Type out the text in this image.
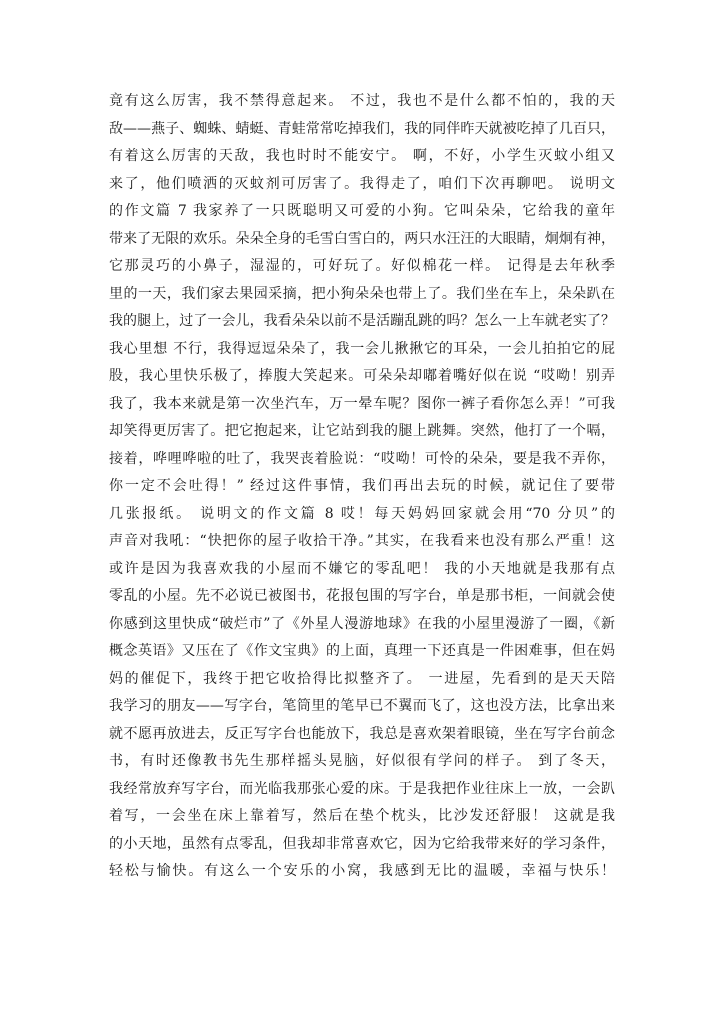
竟有这么厉害，我不禁得意起来。 不过，我也不是什么都不怕的，我的天
敌——燕子、蜘蛛、蜻蜓、青蛙常常吃掉我们，我的同伴昨天就被吃掉了几百只，
有着这么厉害的天敌，我也时时不能安宁。 啊，不好，小学生灭蚊小组又
来了，他们喷洒的灭蚊剂可厉害了。我得走了，咱们下次再聊吧。 说明文
的作文篇 7 我家养了一只既聪明又可爱的小狗。它叫朵朵，它给我的童年
带来了无限的欢乐。朵朵全身的毛雪白雪白的，两只水汪汪的大眼睛，炯炯有神，
它那灵巧的小鼻子，湿湿的，可好玩了。好似棉花一样。 记得是去年秋季
里的一天，我们家去果园采摘，把小狗朵朵也带上了。我们坐在车上，朵朵趴在
我的腿上，过了一会儿，我看朵朵以前不是活蹦乱跳的吗？怎么一上车就老实了？
我心里想 不行，我得逗逗朵朵了，我一会儿揪揪它的耳朵，一会儿拍拍它的屁
股，我心里快乐极了，捧腹大笑起来。可朵朵却嘟着嘴好似在说 “哎呦！别弄
我了，我本来就是第一次坐汽车，万一晕车呢？图你一裤子看你怎么弄！”可我
却笑得更厉害了。把它抱起来，让它站到我的腿上跳舞。突然，他打了一个嗝，
接着，哗哩哗啦的吐了，我哭丧着脸说：“哎呦！可怜的朵朵，要是我不弄你，
你一定不会吐得！” 经过这件事情，我们再出去玩的时候，就记住了要带
几张报纸。 说明文的作文篇 8 哎！每天妈妈回家就会用“70 分贝”的
声音对我吼：“快把你的屋子收拾干净。”其实，在我看来也没有那么严重！这
或许是因为我喜欢我的小屋而不嫌它的零乱吧！ 我的小天地就是我那有点
零乱的小屋。先不必说已被图书，花报包围的写字台，单是那书柜，一间就会使
你感到这里快成“破烂市”了《外星人漫游地球》在我的小屋里漫游了一圈，《新
概念英语》又压在了《作文宝典》的上面，真理一下还真是一件困难事，但在妈
妈的催促下，我终于把它收拾得比拟整齐了。 一进屋，先看到的是天天陪
我学习的朋友——写字台，笔筒里的笔早已不翼而飞了，这也没方法，比拿出来
就不愿再放进去，反正写字台也能放下，我总是喜欢架着眼镜，坐在写字台前念
书，有时还像教书先生那样摇头晃脑，好似很有学问的样子。 到了冬天，
我经常放弃写字台，而光临我那张心爱的床。于是我把作业往床上一放，一会趴
着写，一会坐在床上靠着写，然后在垫个枕头，比沙发还舒服！ 这就是我
的小天地，虽然有点零乱，但我却非常喜欢它，因为它给我带来好的学习条件，
轻松与愉快。有这么一个安乐的小窝，我感到无比的温暖，幸福与快乐！
